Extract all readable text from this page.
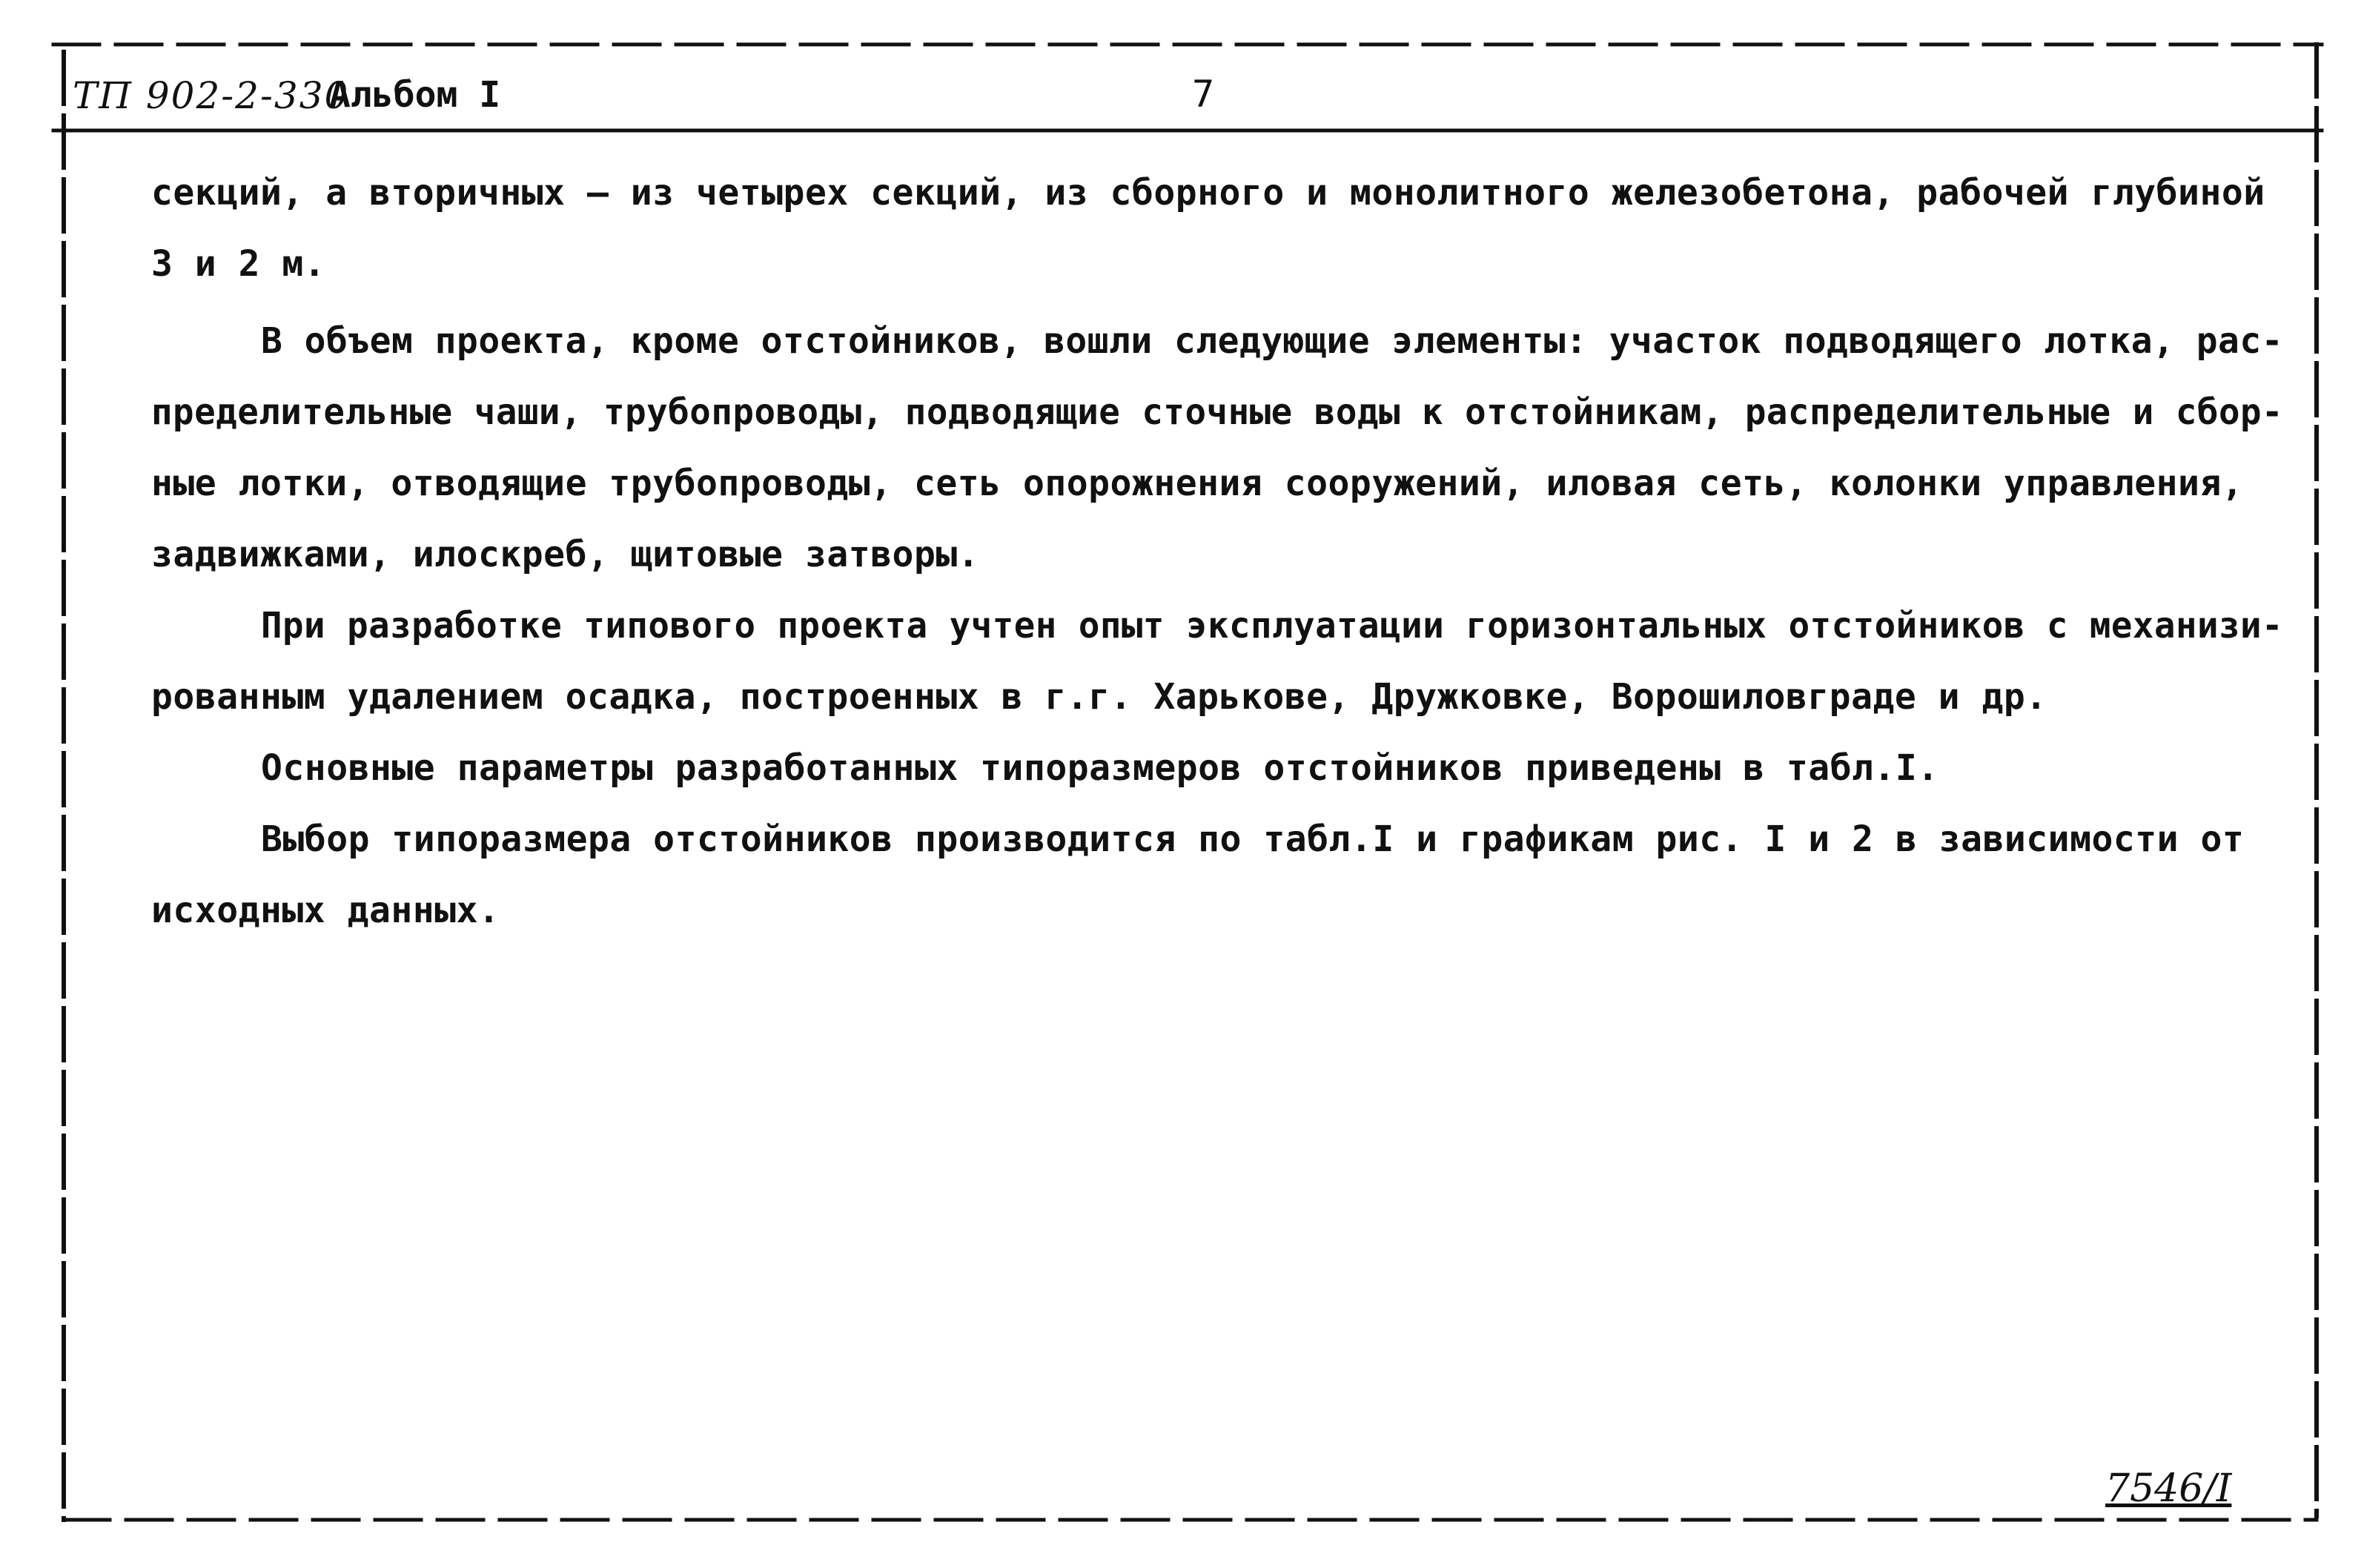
ТП 902-2-330
Альбом I	7
секций, а вторичных – из четырех секций, из сборного и монолитного железобетона, рабочей глубиной
3 и 2 м.
В объем проекта, кроме отстойников, вошли следующие элементы: участок подводящего лотка, рас-
пределительные чаши, трубопроводы, подводящие сточные воды к отстойникам, распределительные и сбор-
ные лотки, отводящие трубопроводы, сеть опорожнения сооружений, иловая сеть, колонки управления,
задвижками, илоскреб, щитовые затворы.
При разработке типового проекта учтен опыт эксплуатации горизонтальных отстойников с механизи-
рованным удалением осадка, построенных в г.г. Харькове, Дружковке, Ворошиловграде и др.
Основные параметры разработанных типоразмеров отстойников приведены в табл.I.
Выбор типоразмера отстойников производится по табл.I и графикам рис. I и 2 в зависимости от
исходных данных.
7546/I
